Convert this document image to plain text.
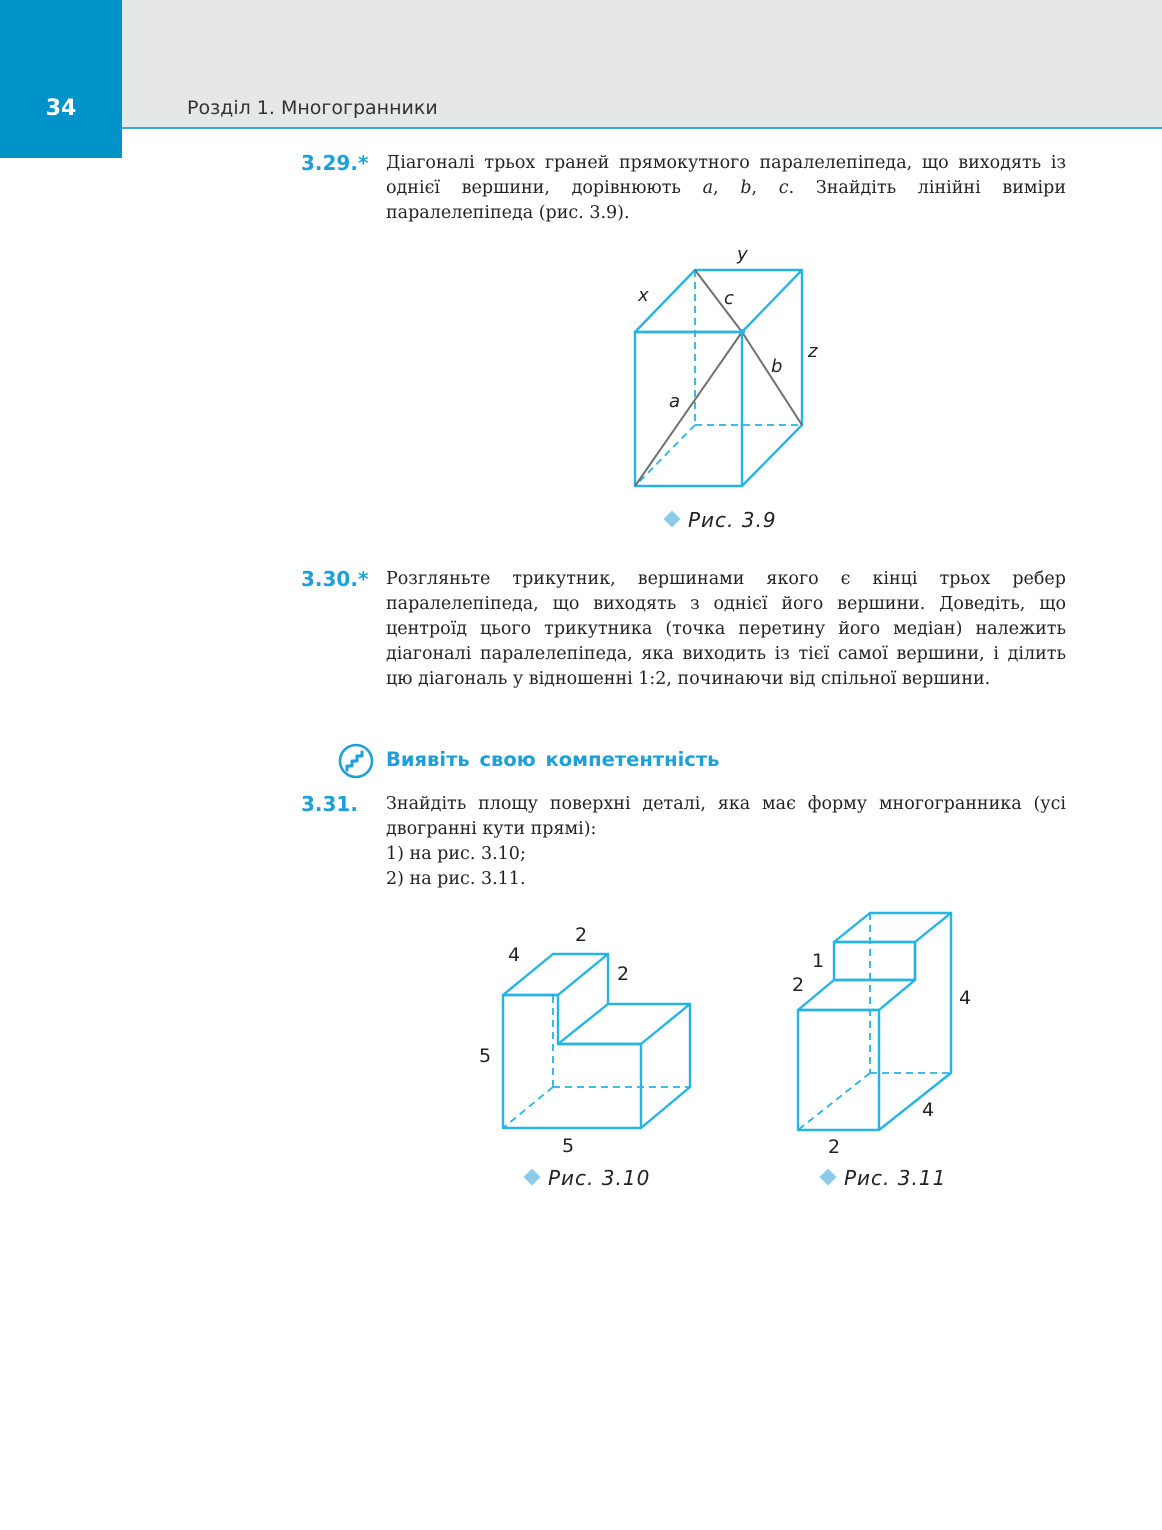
34	Розділ 1. Многогранники
3.29.* Діагоналі трьох граней прямокутного паралелепіпеда, що виходять із однієї вершини, дорівнюють a, b, c. Знайдіть лінійні виміри паралелепіпеда (рис. 3.9).
y
x	c
z
b
a
Рис. 3.9
3.30.* Розгляньте трикутник, вершинами якого є кінці трьох ребер паралелепіпеда, що виходять з однієї його вершини. Доведіть, що центроїд цього трикутника (точка перетину його медіан) належить діагоналі паралелепіпеда, яка виходить із тієї самої вершини, і ділить цю діагональ у відношенні 1:2, починаючи від спільної вершини.
Виявіть свою компетентність
3.31. Знайдіть площу поверхні деталі, яка має форму многогранника (усі двогранні кути прямі):
1) на рис. 3.10;
2) на рис. 3.11.
2
4
2
5
5
Рис. 3.10
1
2
4
4
2
Рис. 3.11
